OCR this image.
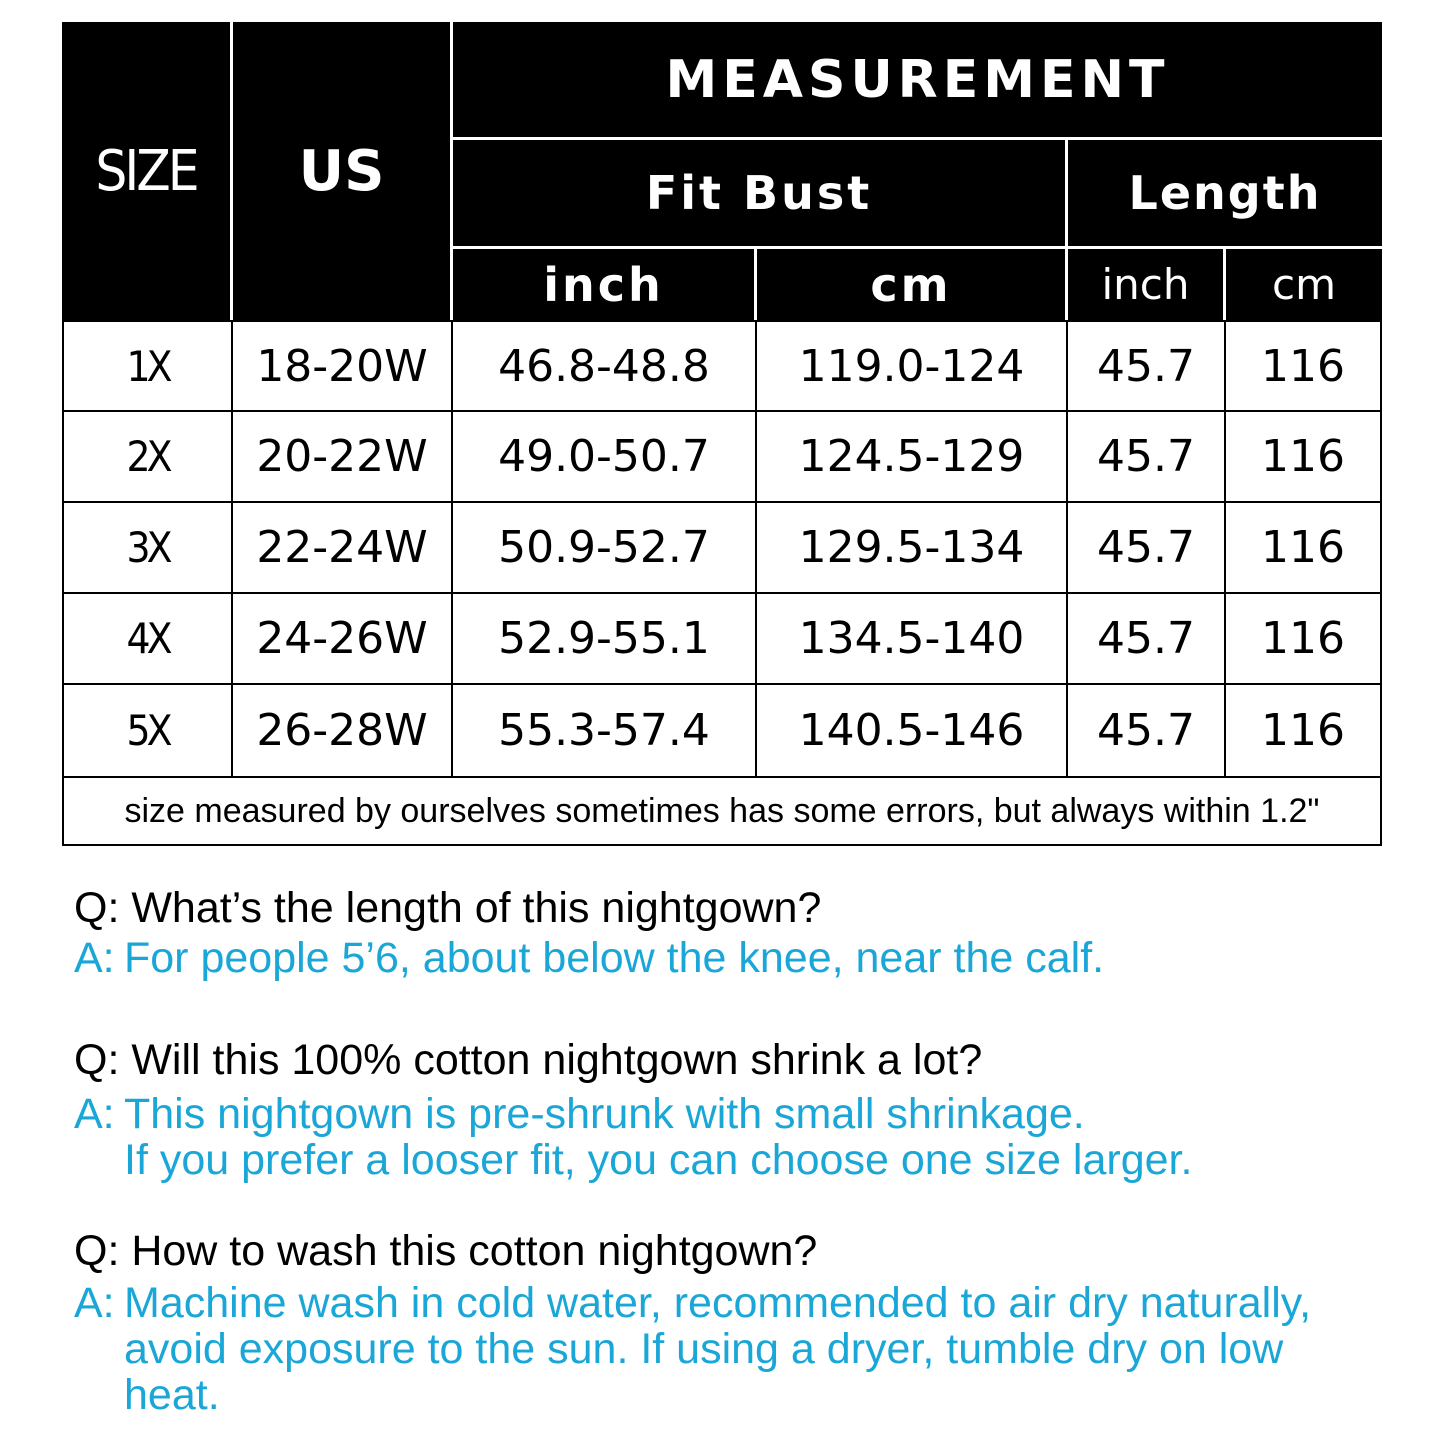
SIZE	US
MEASUREMENT
Fit Bust	Length
inch	cm	inch	cm
1X	18-20W	46.8-48.8	119.0-124	45.7	116
2X	20-22W	49.0-50.7	124.5-129	45.7	116
3X	22-24W	50.9-52.7	129.5-134	45.7	116
4X	24-26W	52.9-55.1	134.5-140	45.7	116
5X	26-28W	55.3-57.4	140.5-146	45.7	116
size measured by ourselves sometimes has some errors, but always within 1.2"

Q: What’s the length of this nightgown?

A: For people 5’6, about below the knee, near the calf.

Q: Will this 100% cotton nightgown shrink a lot?

A: This nightgown is pre-shrunk with small shrinkage.
If you prefer a looser fit, you can choose one size larger.

Q: How to wash this cotton nightgown?

A: Machine wash in cold water, recommended to air dry naturally,
avoid exposure to the sun. If using a dryer, tumble dry on low
heat.
